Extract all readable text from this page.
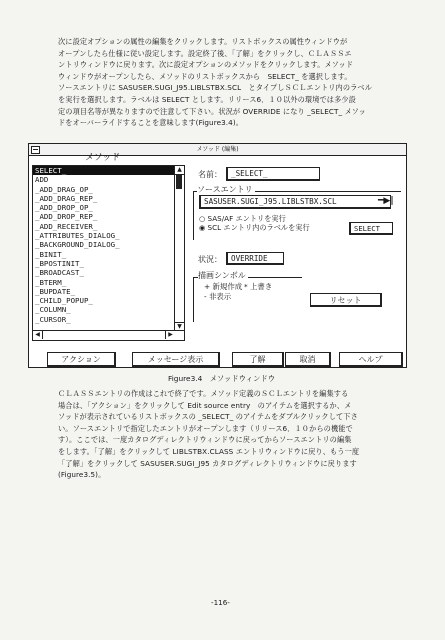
次に設定オプションの属性の編集をクリックします。リストボックスの属性ウィンドウが
オープンしたら仕様に従い設定します。設定終了後、「了解」をクリックし、ＣＬＡＳＳエ
ントリウィンドウに戻ります。次に設定オプションのメソッドをクリックします。メソッド
ウィンドウがオープンしたら、メソッドのリストボックスから　SELECT_ を選択します。
ソースエントリに SASUSER.SUGI_J95.LIBLSTBX.SCL　とタイプしＳＣＬエントリ内のラベル
を実行を選択します。ラベルは SELECT とします。リリース6．１０以外の環境では多少設
定の項目名等が異なりますので注意して下さい。状況が OVERRIDE になり _SELECT_ メソッ
ドをオーバーライドすることを意味します(Figure3.4)。

メソッド (編集)
メソッド
SELECT_
ADD
_ADD_DRAG_OP_
_ADD_DRAG_REP_
_ADD_DROP_OP_
_ADD_DROP_REP_
_ADD_RECEIVER_
_ATTRIBUTES_DIALOG_
_BACKGROUND_DIALOG_
_BINIT_
_BPOSTINIT_
_BROADCAST_
_BTERM_
_BUPDATE_
_CHILD_POPUP_
_COLUMN_
_CURSOR_
▲
▼
◀	▶
名前：	_SELECT_
ソースエントリ
SASUSER.SUGI_J95.LIBLSTBX.SCL	━▶|
○ SAS/AF エントリを実行
◉ SCL エントリ内のラベルを実行	SELECT
状況：	OVERRIDE
描画シンボル
+ 新規作成 * 上書き
- 非表示	リセット
アクション	メッセージ表示	了解	取消	ヘルプ
Figure3.4　メソッドウィンドウ

ＣＬＡＳＳエントリの作成はこれで終了です。メソッド定義のＳＣＬエントリを編集する
場合は、「アクション」をクリックして Edit source entry　のアイテムを選択するか、メ
ソッドが表示されているリストボックスの _SELECT_ のアイテムをダブルクリックして下さ
い。ソースエントリで指定したエントリがオープンします（リリース6．１０からの機能で
す）。ここでは、一度カタログディレクトリウィンドウに戻ってからソースエントリの編集
をします。「了解」をクリックして LIBLSTBX.CLASS エントリウィンドウに戻り、もう一度
「了解」をクリックして SASUSER.SUGI_J95 カタログディレクトリウィンドウに戻ります
(Figure3.5)。

-116-
